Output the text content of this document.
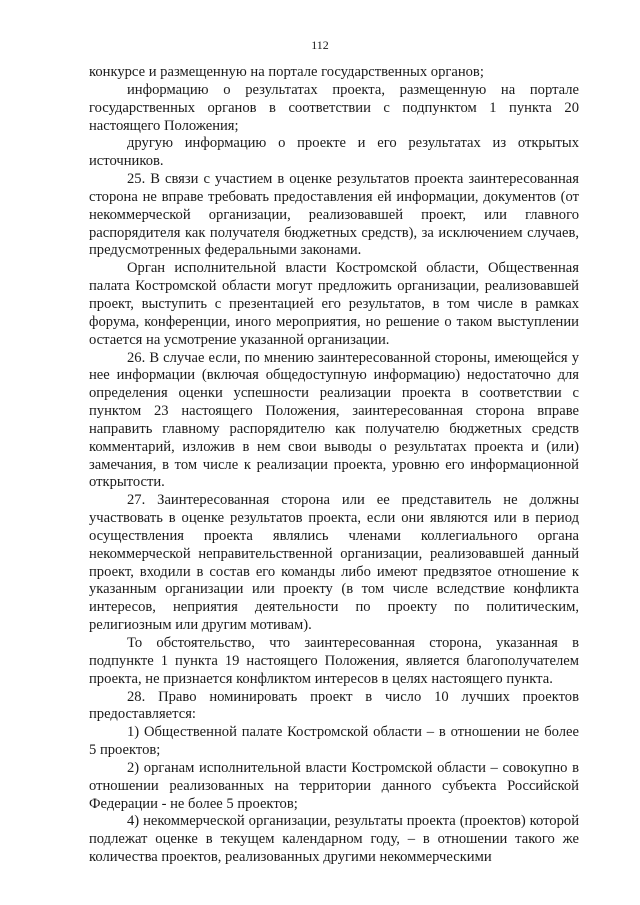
112

конкурсе и размещенную на портале государственных органов;

информацию о результатах проекта, размещенную на портале государственных органов в соответствии с подпунктом 1 пункта 20 настоящего Положения;

другую информацию о проекте и его результатах из открытых источников.

25. В связи с участием в оценке результатов проекта заинтересованная сторона не вправе требовать предоставления ей информации, документов (от некоммерческой организации, реализовавшей проект, или главного распорядителя как получателя бюджетных средств), за исключением случаев, предусмотренных федеральными законами.

Орган исполнительной власти Костромской области, Общественная палата Костромской области могут предложить организации, реализовавшей проект, выступить с презентацией его результатов, в том числе в рамках форума, конференции, иного мероприятия, но решение о таком выступлении остается на усмотрение указанной организации.

26. В случае если, по мнению заинтересованной стороны, имеющейся у нее информации (включая общедоступную информацию) недостаточно для определения оценки успешности реализации проекта в соответствии с пунктом 23 настоящего Положения, заинтересованная сторона вправе направить главному распорядителю как получателю бюджетных средств комментарий, изложив в нем свои выводы о результатах проекта и (или) замечания, в том числе к реализации проекта, уровню его информационной открытости.

27. Заинтересованная сторона или ее представитель не должны участвовать в оценке результатов проекта, если они являются или в период осуществления проекта являлись членами коллегиального органа некоммерческой неправительственной организации, реализовавшей данный проект, входили в состав его команды либо имеют предвзятое отношение к указанным организации или проекту (в том числе вследствие конфликта интересов, неприятия деятельности по проекту по политическим, религиозным или другим мотивам).

То обстоятельство, что заинтересованная сторона, указанная в подпункте 1 пункта 19 настоящего Положения, является благополучателем проекта, не признается конфликтом интересов в целях настоящего пункта.

28. Право номинировать проект в число 10 лучших проектов предоставляется:

1) Общественной палате Костромской области – в отношении не более 5 проектов;

2) органам исполнительной власти Костромской области – совокупно в отношении реализованных на территории данного субъекта Российской Федерации - не более 5 проектов;

4) некоммерческой организации, результаты проекта (проектов) которой подлежат оценке в текущем календарном году, – в отношении такого же количества проектов, реализованных другими некоммерческими
